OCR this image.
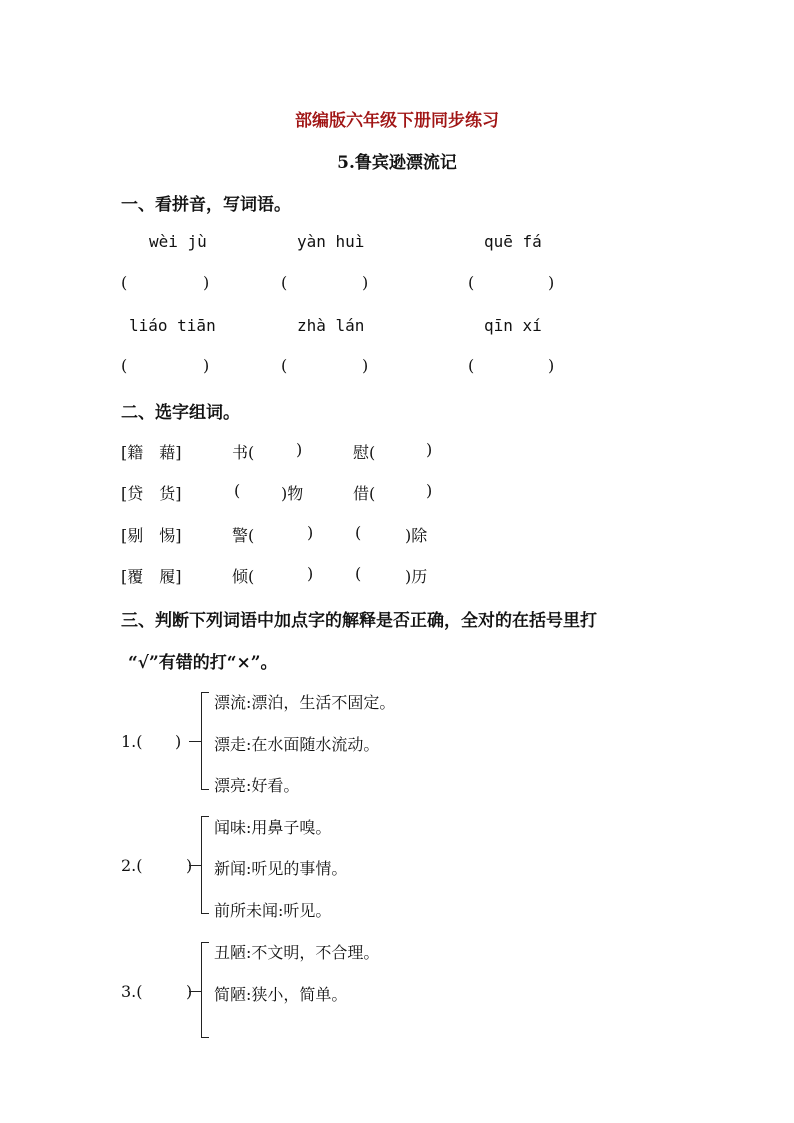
部编版六年级下册同步练习
5.鲁宾逊漂流记
一、看拼音，写词语。
wèi jù	yàn huì	quē fá
(	)	(	)	(	)
liáo tiān	zhà lán	qīn xí
(	)	(	)	(	)
二、选字组词。
[籍　藉]	书(	)	慰(	)
[贷　货]	(	)物	借(	)
[剔　惕]	警(	)	(	)除
[覆　履]	倾(	)	(	)历
三、判断下列词语中加点字的解释是否正确，全对的在括号里打
“√”有错的打“×”。
1.( )
漂流:漂泊，生活不固定。
漂走:在水面随水流动。
漂亮:好看。
2.(	)
闻味:用鼻子嗅。
新闻:听见的事情。
前所未闻:听见。
3.(	)
丑陋:不文明，不合理。
简陋:狭小，简单。
